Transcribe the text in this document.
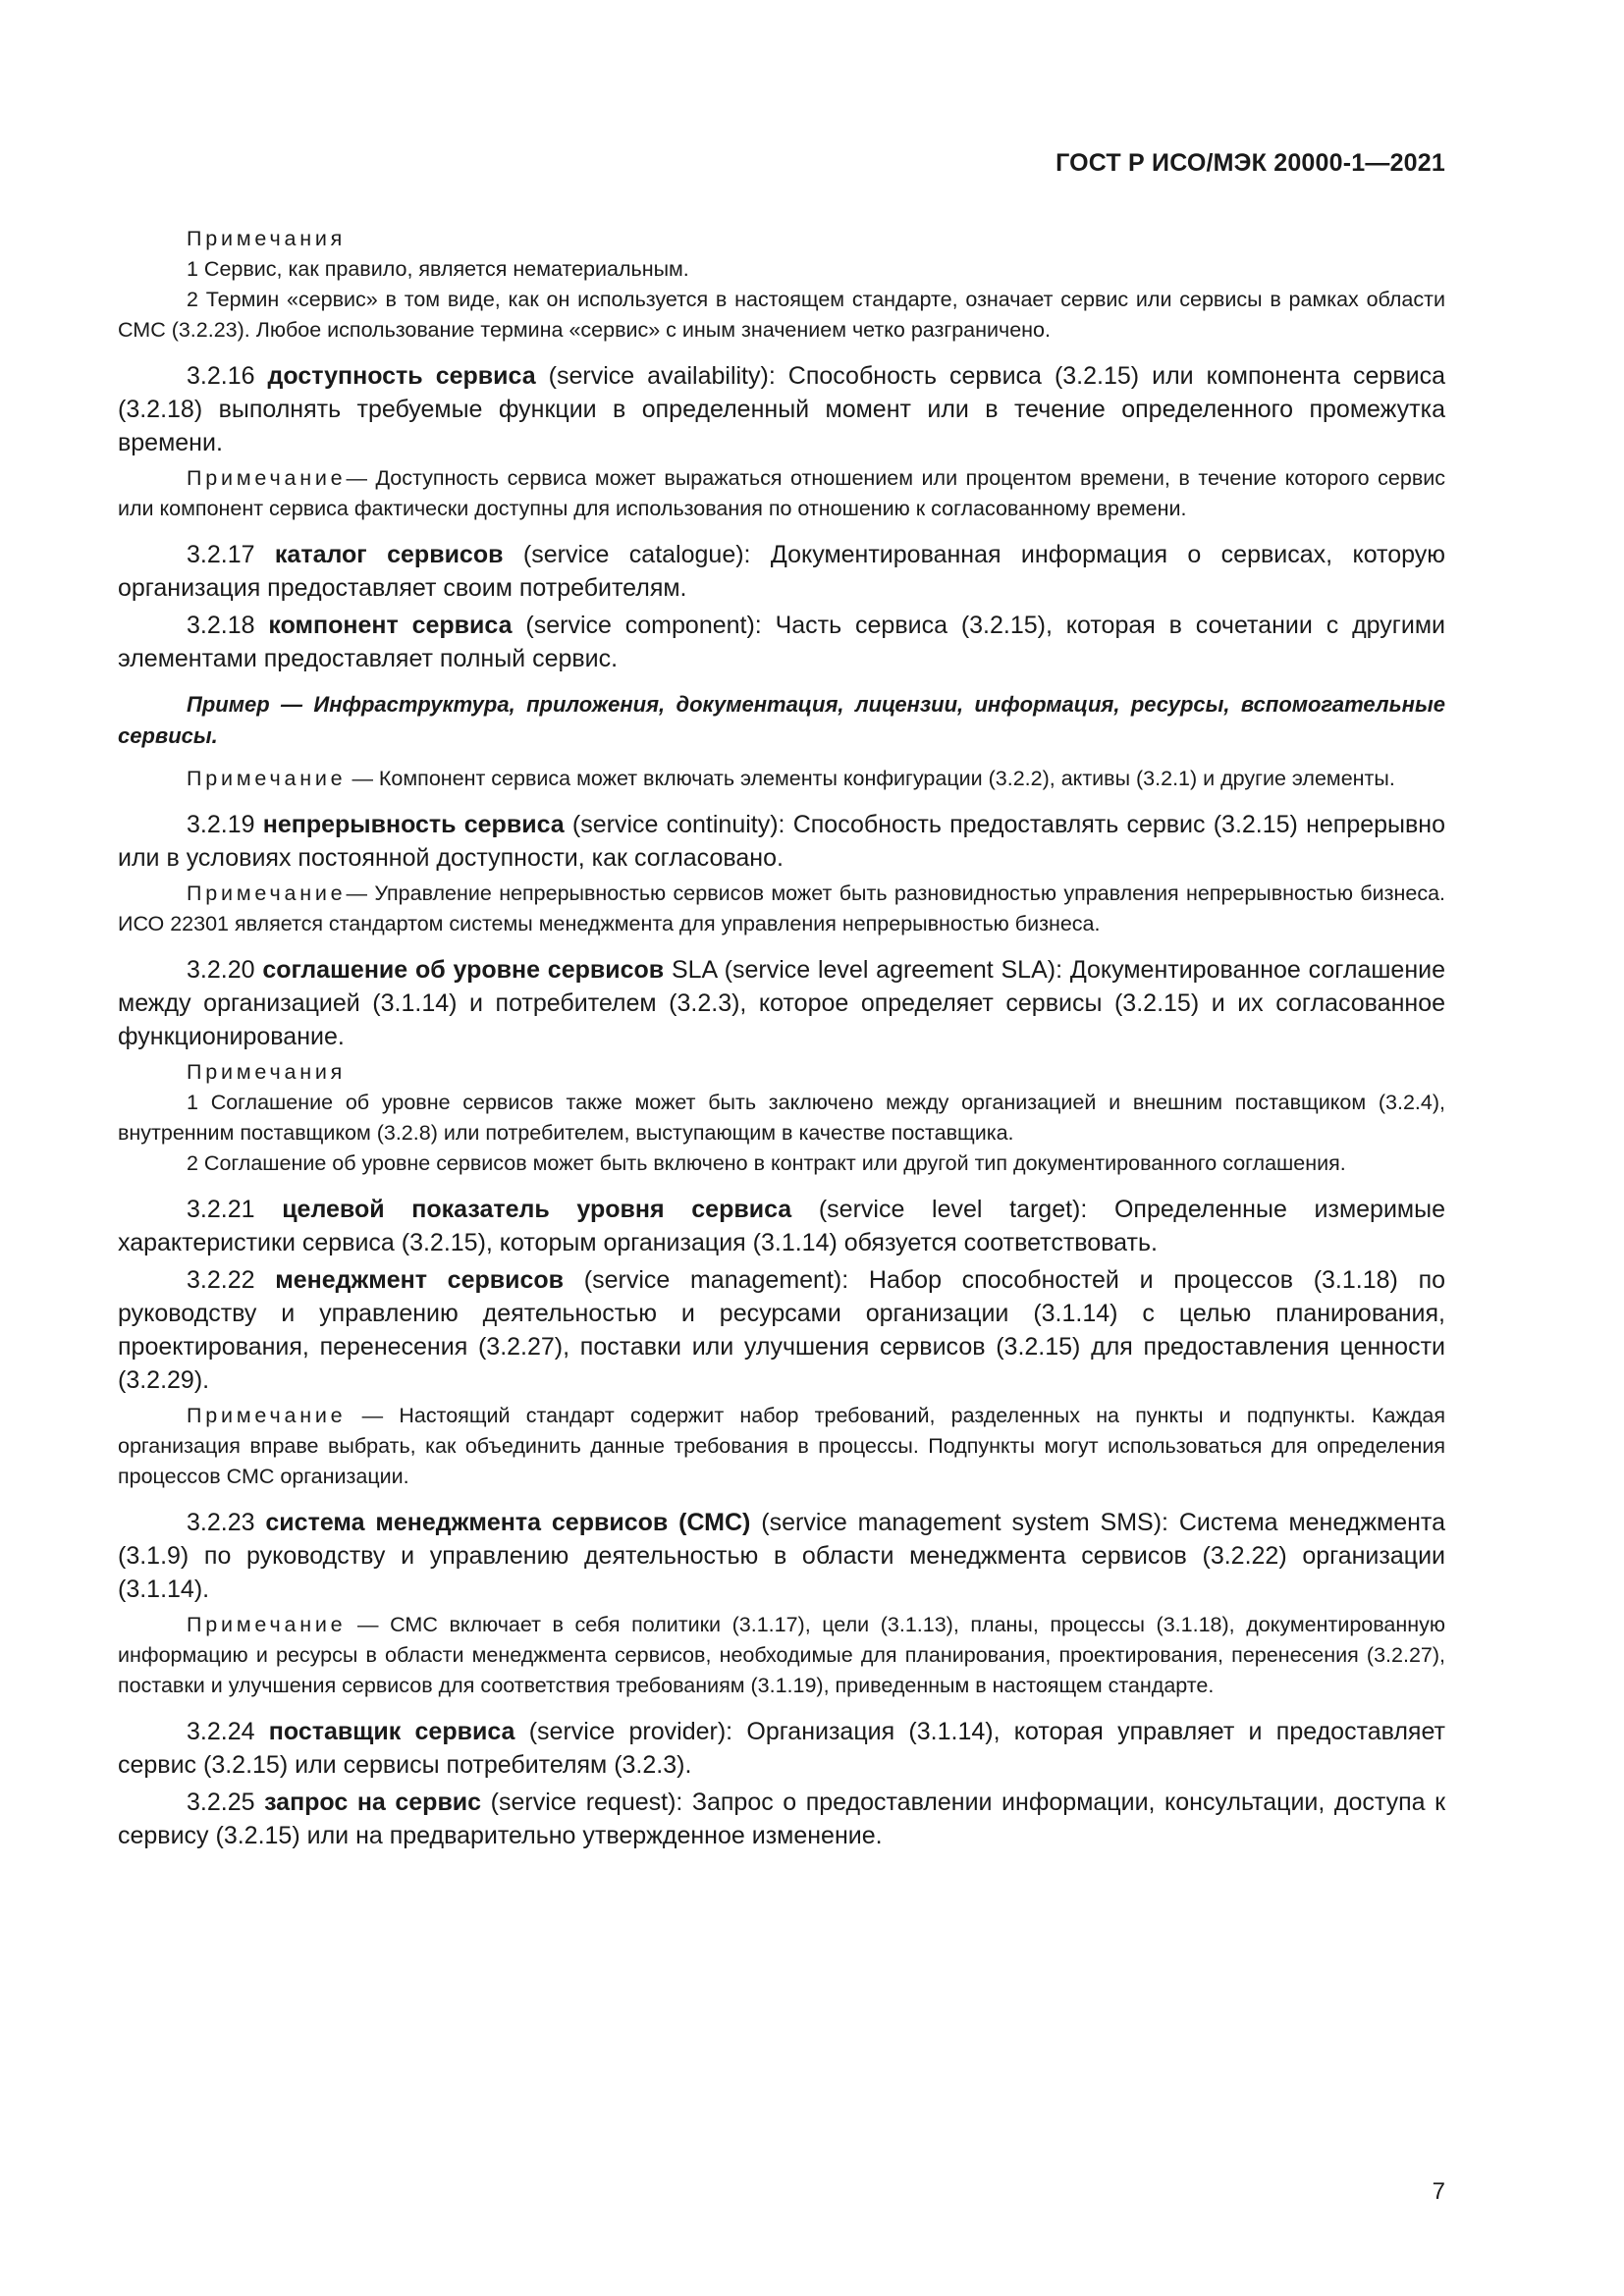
ГОСТ Р ИСО/МЭК 20000-1—2021

Примечания

1 Сервис, как правило, является нематериальным.

2 Термин «сервис» в том виде, как он используется в настоящем стандарте, означает сервис или сервисы в рамках области СМС (3.2.23). Любое использование термина «сервис» с иным значением четко разграничено.

3.2.16 доступность сервиса (service availability): Способность сервиса (3.2.15) или компонента сервиса (3.2.18) выполнять требуемые функции в определенный момент или в течение определенного промежутка времени.

Примечание— Доступность сервиса может выражаться отношением или процентом времени, в течение которого сервис или компонент сервиса фактически доступны для использования по отношению к согласованному времени.

3.2.17 каталог сервисов (service catalogue): Документированная информация о сервисах, которую организация предоставляет своим потребителям.

3.2.18 компонент сервиса (service component): Часть сервиса (3.2.15), которая в сочетании с другими элементами предоставляет полный сервис.

Пример — Инфраструктура, приложения, документация, лицензии, информация, ресурсы, вспомогательные сервисы.

Примечание — Компонент сервиса может включать элементы конфигурации (3.2.2), активы (3.2.1) и другие элементы.

3.2.19 непрерывность сервиса (service continuity): Способность предоставлять сервис (3.2.15) непрерывно или в условиях постоянной доступности, как согласовано.

Примечание— Управление непрерывностью сервисов может быть разновидностью управления непрерывностью бизнеса. ИСО 22301 является стандартом системы менеджмента для управления непрерывностью бизнеса.

3.2.20 соглашение об уровне сервисов SLA (service level agreement SLA): Документированное соглашение между организацией (3.1.14) и потребителем (3.2.3), которое определяет сервисы (3.2.15) и их согласованное функционирование.

Примечания

1 Соглашение об уровне сервисов также может быть заключено между организацией и внешним поставщиком (3.2.4), внутренним поставщиком (3.2.8) или потребителем, выступающим в качестве поставщика.

2 Соглашение об уровне сервисов может быть включено в контракт или другой тип документированного соглашения.

3.2.21 целевой показатель уровня сервиса (service level target): Определенные измеримые характеристики сервиса (3.2.15), которым организация (3.1.14) обязуется соответствовать.

3.2.22 менеджмент сервисов (service management): Набор способностей и процессов (3.1.18) по руководству и управлению деятельностью и ресурсами организации (3.1.14) с целью планирования, проектирования, перенесения (3.2.27), поставки или улучшения сервисов (3.2.15) для предоставления ценности (3.2.29).

Примечание — Настоящий стандарт содержит набор требований, разделенных на пункты и подпункты. Каждая организация вправе выбрать, как объединить данные требования в процессы. Подпункты могут использоваться для определения процессов СМС организации.

3.2.23 система менеджмента сервисов (СМС) (service management system SMS): Система менеджмента (3.1.9) по руководству и управлению деятельностью в области менеджмента сервисов (3.2.22) организации (3.1.14).

Примечание — СМС включает в себя политики (3.1.17), цели (3.1.13), планы, процессы (3.1.18), документированную информацию и ресурсы в области менеджмента сервисов, необходимые для планирования, проектирования, перенесения (3.2.27), поставки и улучшения сервисов для соответствия требованиям (3.1.19), приведенным в настоящем стандарте.

3.2.24 поставщик сервиса (service provider): Организация (3.1.14), которая управляет и предоставляет сервис (3.2.15) или сервисы потребителям (3.2.3).

3.2.25 запрос на сервис (service request): Запрос о предоставлении информации, консультации, доступа к сервису (3.2.15) или на предварительно утвержденное изменение.

7
